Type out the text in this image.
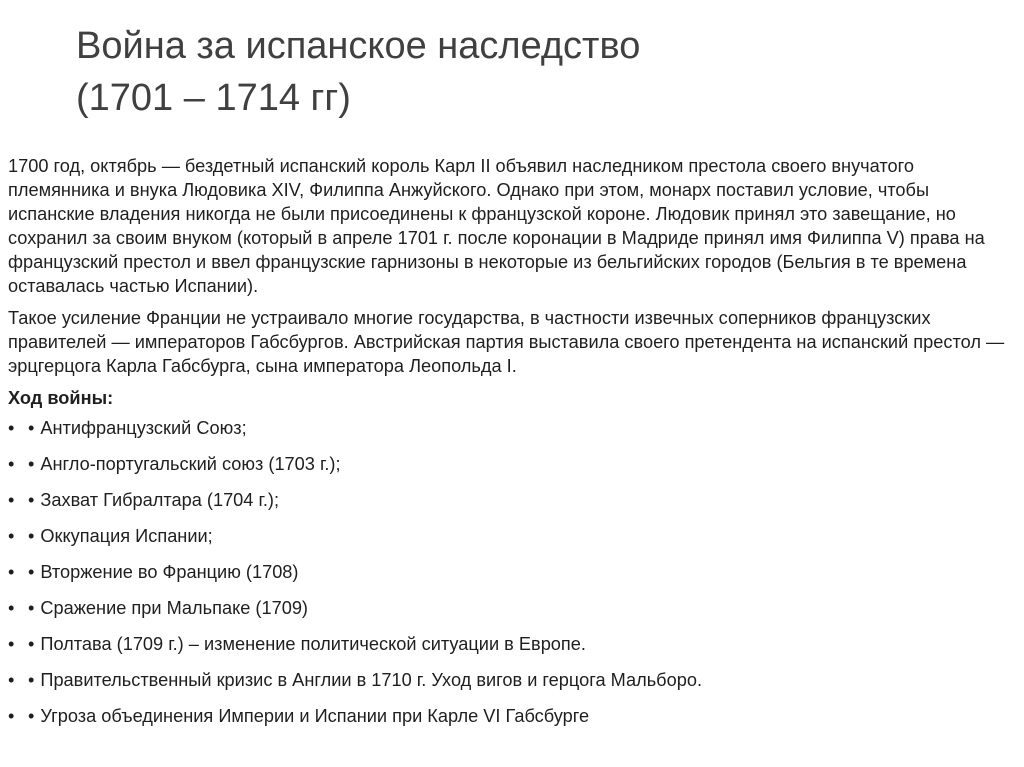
Война за испанское наследство
(1701 – 1714 гг)

1700 год, октябрь — бездетный испанский король Карл II объявил наследником престола своего внучатого племянника и внука Людовика XIV, Филиппа Анжуйского. Однако при этом, монарх поставил условие, чтобы испанские владения никогда не были присоединены к французской короне. Людовик принял это завещание, но сохранил за своим внуком (который в апреле 1701 г. после коронации в Мадриде принял имя Филиппа V) права на французский престол и ввел французские гарнизоны в некоторые из бельгийских городов (Бельгия в те времена оставалась частью Испании).

Такое усиление Франции не устраивало многие государства, в частности извечных соперников французских правителей — императоров Габсбургов. Австрийская партия выставила своего претендента на испанский престол — эрцгерцога Карла Габсбурга, сына императора Леопольда I.

Ход войны:

• • Антифранцузский Союз;
• • Англо-португальский союз (1703 г.);
• • Захват Гибралтара (1704 г.);
• • Оккупация Испании;
• • Вторжение во Францию (1708)
• • Сражение при Мальпаке (1709)
• • Полтава (1709 г.) – изменение политической ситуации в Европе.
• • Правительственный кризис в Англии в 1710 г. Уход вигов и герцога Мальборо.
• • Угроза объединения Империи и Испании при Карле VI Габсбурге
